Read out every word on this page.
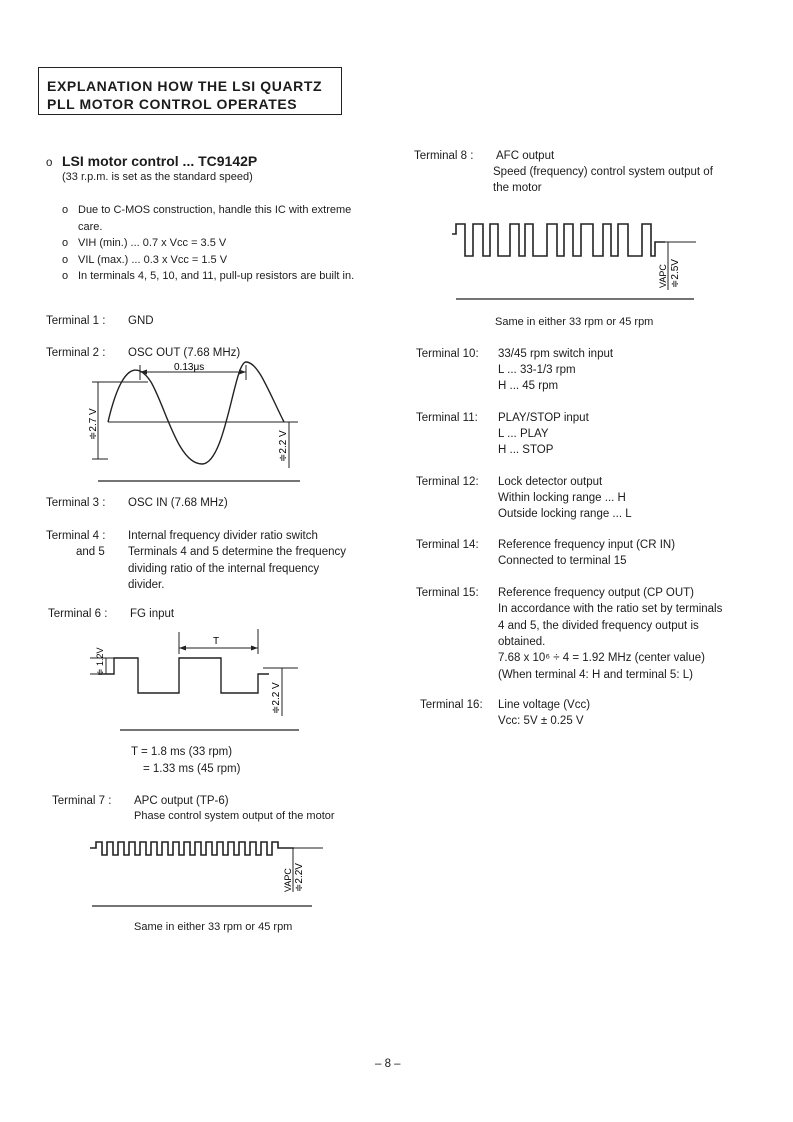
EXPLANATION HOW THE LSI QUARTZ
PLL MOTOR CONTROL OPERATES
o LSI motor control ... TC9142P
(33 r.p.m. is set as the standard speed)
o Due to C-MOS construction, handle this IC with extreme care.
o VIH (min.) ... 0.7 x Vcc = 3.5 V
o VIL (max.) ... 0.3 x Vcc = 1.5 V
o In terminals 4, 5, 10, and 11, pull-up resistors are built in.
Terminal 1 : GND
Terminal 2 : OSC OUT (7.68 MHz)
0.13μs
≑2.7 V
≑2.2 V
Terminal 3 : OSC IN (7.68 MHz)
Terminal 4 : Internal frequency divider ratio switch
and 5 Terminals 4 and 5 determine the frequency
dividing ratio of the internal frequency
divider.
Terminal 6 : FG input
T
≑ 1.2V
≑2.2 V
T = 1.8 ms (33 rpm)
= 1.33 ms (45 rpm)
Terminal 7 : APC output (TP-6)
Phase control system output of the motor
VAPC ≑2.2V
Same in either 33 rpm or 45 rpm
Terminal 8 : AFC output
Speed (frequency) control system output of
the motor
VAPC ≑2.5V
Same in either 33 rpm or 45 rpm
Terminal 10: 33/45 rpm switch input
L ... 33-1/3 rpm
H ... 45 rpm
Terminal 11: PLAY/STOP input
L ... PLAY
H ... STOP
Terminal 12: Lock detector output
Within locking range ... H
Outside locking range ... L
Terminal 14: Reference frequency input (CR IN)
Connected to terminal 15
Terminal 15: Reference frequency output (CP OUT)
In accordance with the ratio set by terminals
4 and 5, the divided frequency output is
obtained.
7.68 x 10⁶ ÷ 4 = 1.92 MHz (center value)
(When terminal 4: H and terminal 5: L)
Terminal 16: Line voltage (Vcc)
Vcc: 5V ± 0.25 V
– 8 –
